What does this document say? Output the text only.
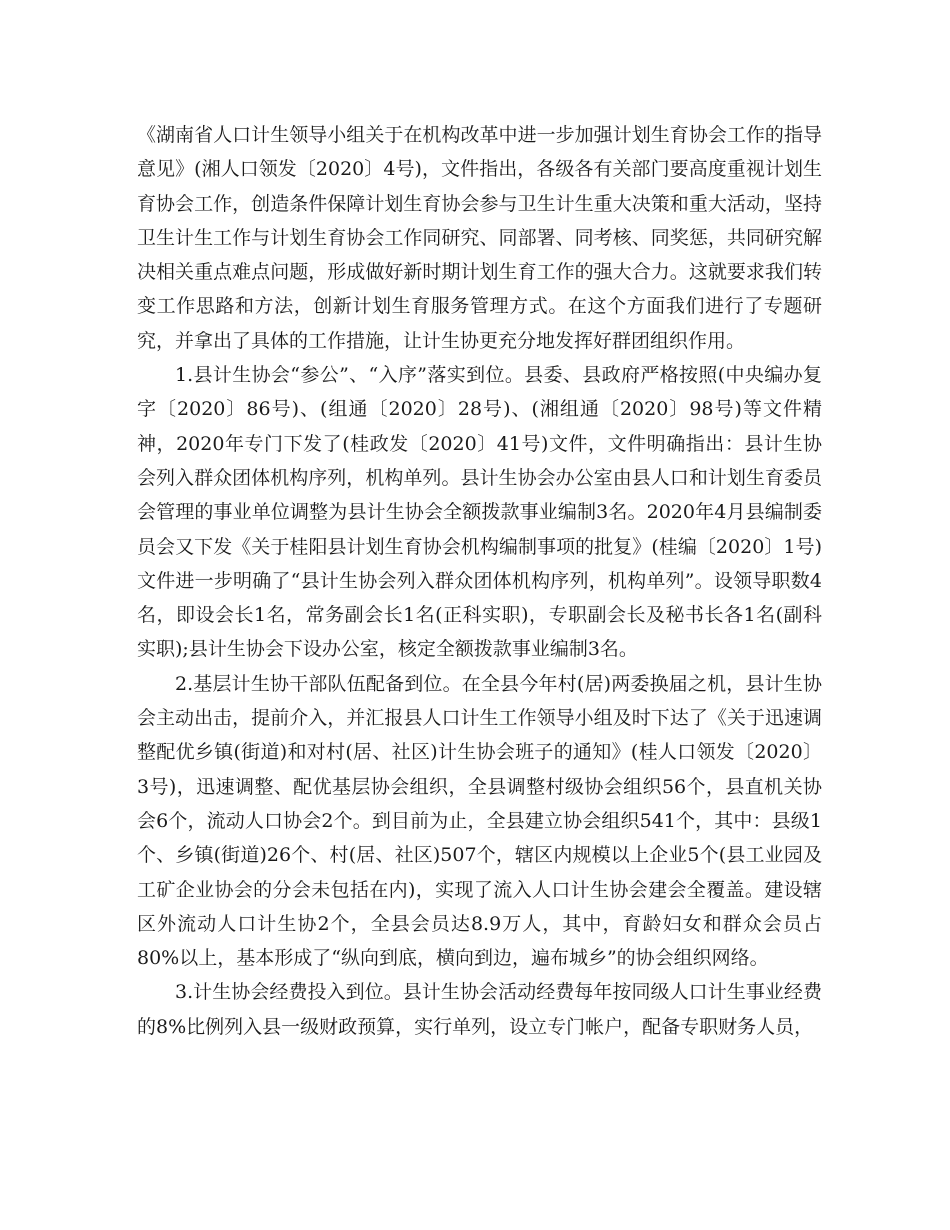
《湖南省人口计生领导小组关于在机构改革中进一步加强计划生育协会工作的指导意见》(湘人口领发〔2020〕4号)，文件指出，各级各有关部门要高度重视计划生育协会工作，创造条件保障计划生育协会参与卫生计生重大决策和重大活动，坚持卫生计生工作与计划生育协会工作同研究、同部署、同考核、同奖惩，共同研究解决相关重点难点问题，形成做好新时期计划生育工作的强大合力。这就要求我们转变工作思路和方法，创新计划生育服务管理方式。在这个方面我们进行了专题研究，并拿出了具体的工作措施，让计生协更充分地发挥好群团组织作用。

1.县计生协会“参公”、“入序”落实到位。县委、县政府严格按照(中央编办复字〔2020〕86号)、(组通〔2020〕28号)、(湘组通〔2020〕98号)等文件精神，2020年专门下发了(桂政发〔2020〕41号)文件，文件明确指出：县计生协会列入群众团体机构序列，机构单列。县计生协会办公室由县人口和计划生育委员会管理的事业单位调整为县计生协会全额拨款事业编制3名。2020年4月县编制委员会又下发《关于桂阳县计划生育协会机构编制事项的批复》(桂编〔2020〕1号)文件进一步明确了“县计生协会列入群众团体机构序列，机构单列”。设领导职数4名，即设会长1名，常务副会长1名(正科实职)，专职副会长及秘书长各1名(副科实职);县计生协会下设办公室，核定全额拨款事业编制3名。

2.基层计生协干部队伍配备到位。在全县今年村(居)两委换届之机，县计生协会主动出击，提前介入，并汇报县人口计生工作领导小组及时下达了《关于迅速调整配优乡镇(街道)和对村(居、社区)计生协会班子的通知》(桂人口领发〔2020〕3号)，迅速调整、配优基层协会组织，全县调整村级协会组织56个，县直机关协会6个，流动人口协会2个。到目前为止，全县建立协会组织541个，其中：县级1个、乡镇(街道)26个、村(居、社区)507个，辖区内规模以上企业5个(县工业园及工矿企业协会的分会未包括在内)，实现了流入人口计生协会建会全覆盖。建设辖区外流动人口计生协2个，全县会员达8.9万人，其中，育龄妇女和群众会员占80%以上，基本形成了“纵向到底，横向到边，遍布城乡”的协会组织网络。

3.计生协会经费投入到位。县计生协会活动经费每年按同级人口计生事业经费的8%比例列入县一级财政预算，实行单列，设立专门帐户，配备专职财务人员，
